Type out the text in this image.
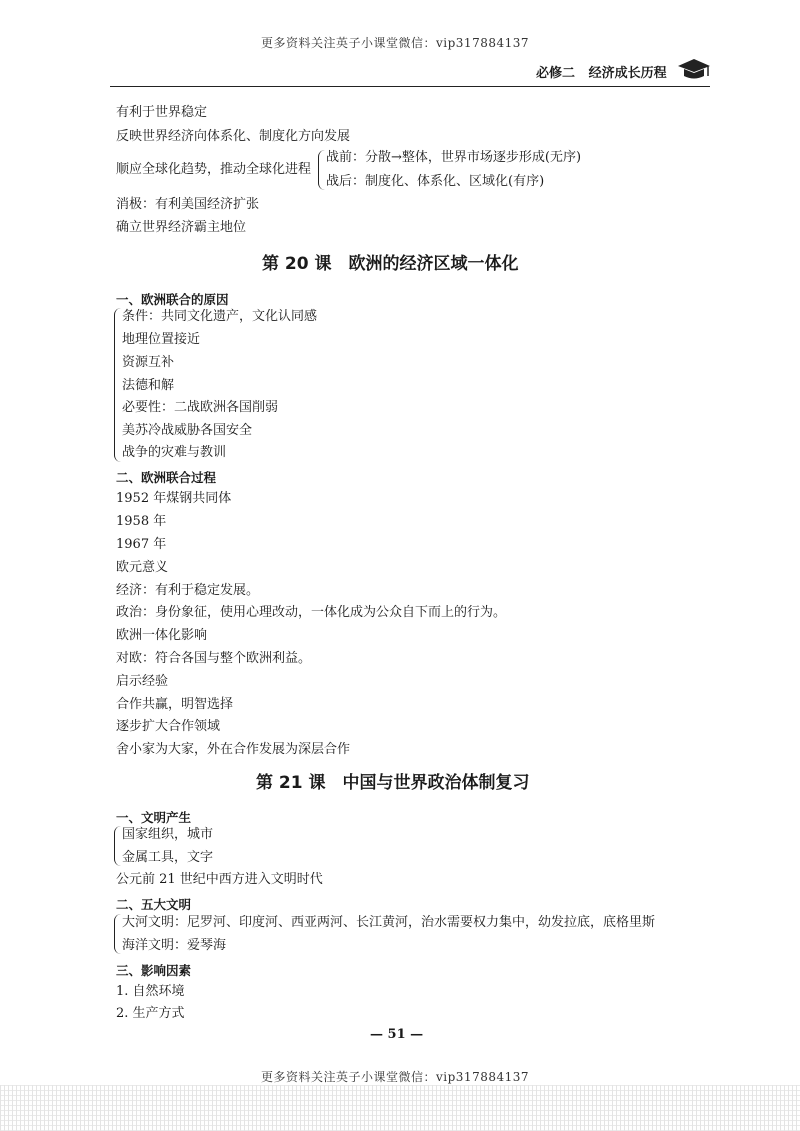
更多资料关注英子小课堂微信：vip317884137
必修二 经济成长历程
有利于世界稳定
反映世界经济向体系化、制度化方向发展
顺应全球化趋势，推动全球化进程
战前：分散→整体，世界市场逐步形成(无序)
战后：制度化、体系化、区域化(有序)
消极：有利美国经济扩张
确立世界经济霸主地位
第 20 课　欧洲的经济区域一体化
一、欧洲联合的原因
条件：共同文化遗产，文化认同感
地理位置接近
资源互补
法德和解
必要性：二战欧洲各国削弱
美苏冷战威胁各国安全
战争的灾难与教训
二、欧洲联合过程
1952 年煤钢共同体
1958 年
1967 年
欧元意义
经济：有利于稳定发展。
政治：身份象征，使用心理改动，一体化成为公众自下而上的行为。
欧洲一体化影响
对欧：符合各国与整个欧洲利益。
启示经验
合作共赢，明智选择
逐步扩大合作领域
舍小家为大家，外在合作发展为深层合作
第 21 课　中国与世界政治体制复习
一、文明产生
国家组织，城市
金属工具，文字
公元前 21 世纪中西方进入文明时代
二、五大文明
大河文明：尼罗河、印度河、西亚两河、长江黄河，治水需要权力集中，幼发拉底，底格里斯
海洋文明：爱琴海
三、影响因素
1. 自然环境
2. 生产方式
— 51 —
更多资料关注英子小课堂微信：vip317884137
